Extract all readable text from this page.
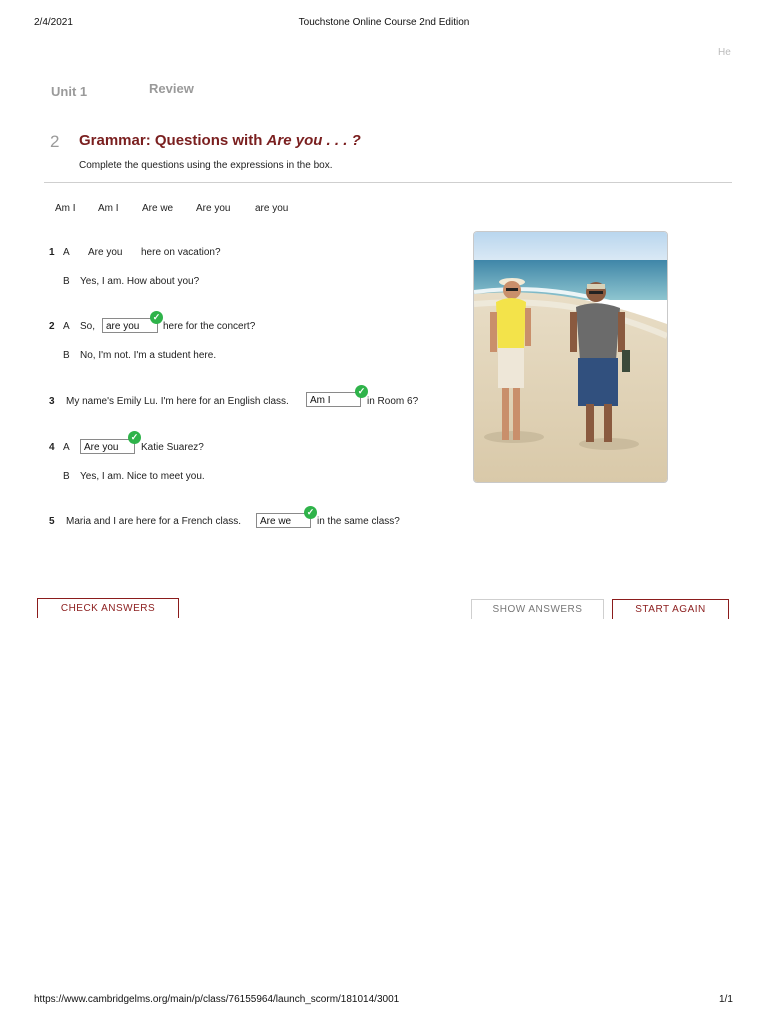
2/4/2021	Touchstone Online Course 2nd Edition
He
Unit 1	Review
2 Grammar: Questions with Are you . . . ?
Complete the questions using the expressions in the box.
Am I Am I Are we Are you are you
1 A Are you here on vacation?
B Yes, I am. How about you?
2 A So,	are you
✓
here for the concert?
B No, I'm not. I'm a student here.
3 My name's Emily Lu. I'm here for an English class.	Am I
✓
in Room 6?
4 A	Are you
✓
Katie Suarez?
B Yes, I am. Nice to meet you.
5 Maria and I are here for a French class.	Are we
✓
in the same class?
CHECK ANSWERS	SHOW ANSWERS	START AGAIN
https://www.cambridgelms.org/main/p/class/76155964/launch_scorm/181014/3001	1/1
